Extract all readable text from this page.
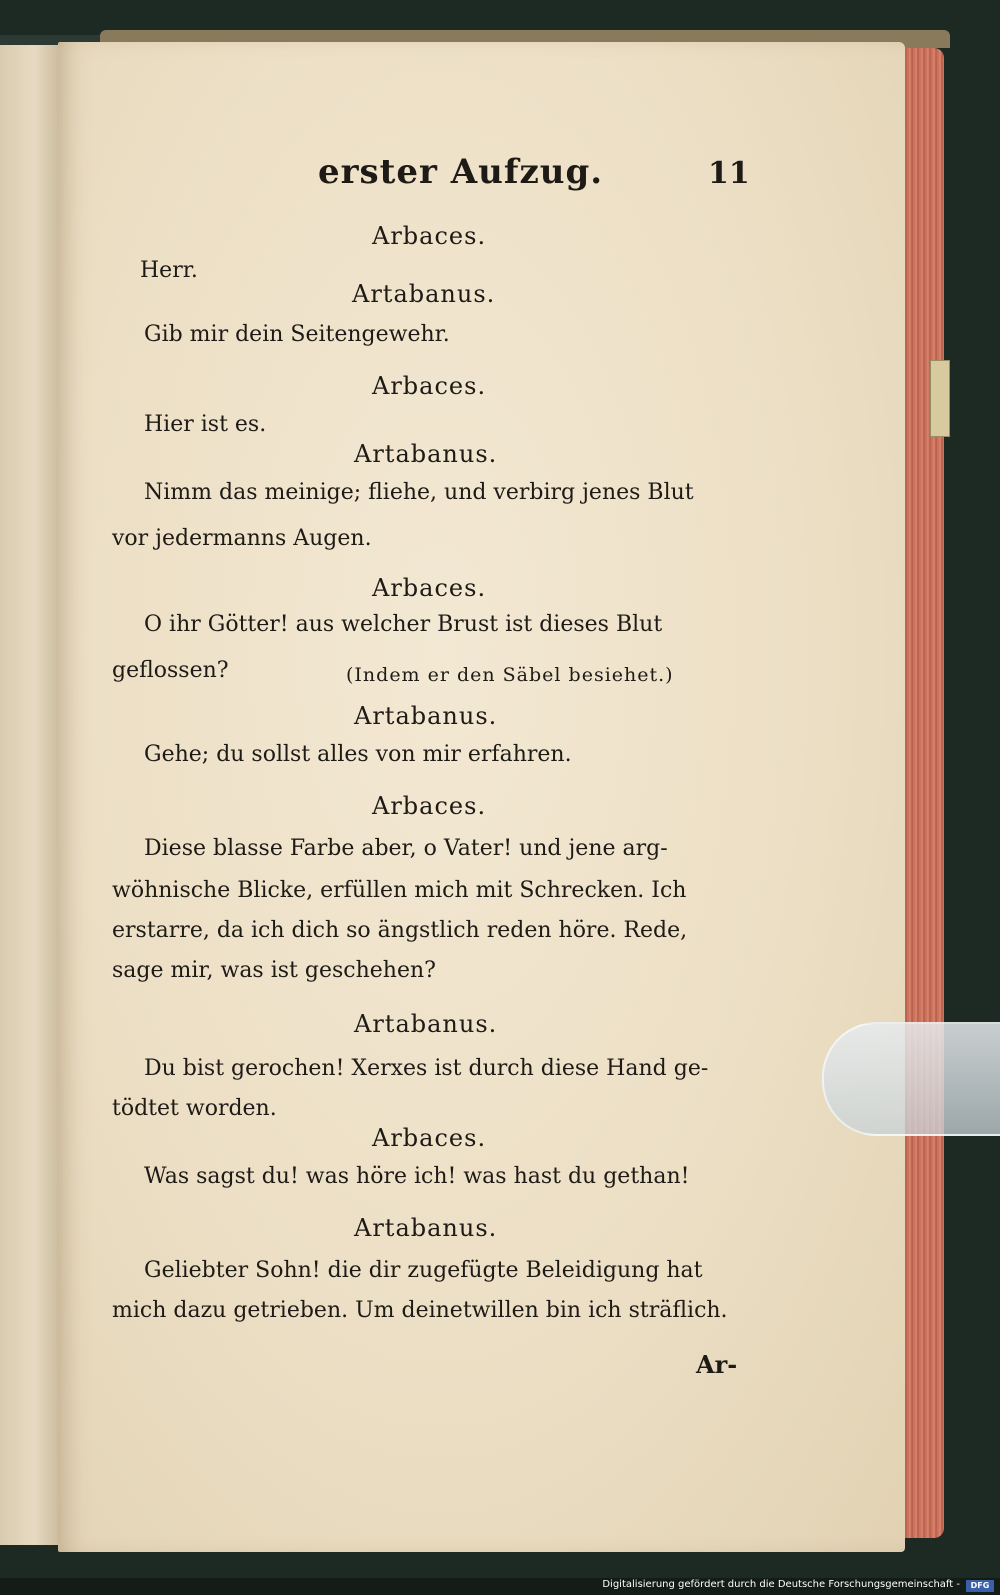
erster Aufzug.	11
Arbaces.
Herr.
Artabanus.
Gib mir dein Seitengewehr.
Arbaces.
Hier ist es.
Artabanus.
Nimm das meinige; fliehe, und verbirg jenes Blut
vor jedermanns Augen.
Arbaces.
O ihr Götter! aus welcher Brust ist dieses Blut
geflossen?	(Indem er den Säbel besiehet.)
Artabanus.
Gehe; du sollst alles von mir erfahren.
Arbaces.
Diese blasse Farbe aber, o Vater! und jene arg-
wöhnische Blicke, erfüllen mich mit Schrecken. Ich
erstarre, da ich dich so ängstlich reden höre. Rede,
sage mir, was ist geschehen?
Artabanus.
Du bist gerochen! Xerxes ist durch diese Hand ge-
tödtet worden.
Arbaces.
Was sagst du! was höre ich! was hast du gethan!
Artabanus.
Geliebter Sohn! die dir zugefügte Beleidigung hat
mich dazu getrieben. Um deinetwillen bin ich sträflich.
Ar-
Digitalisierung gefördert durch die Deutsche Forschungsgemeinschaft -	DFG
